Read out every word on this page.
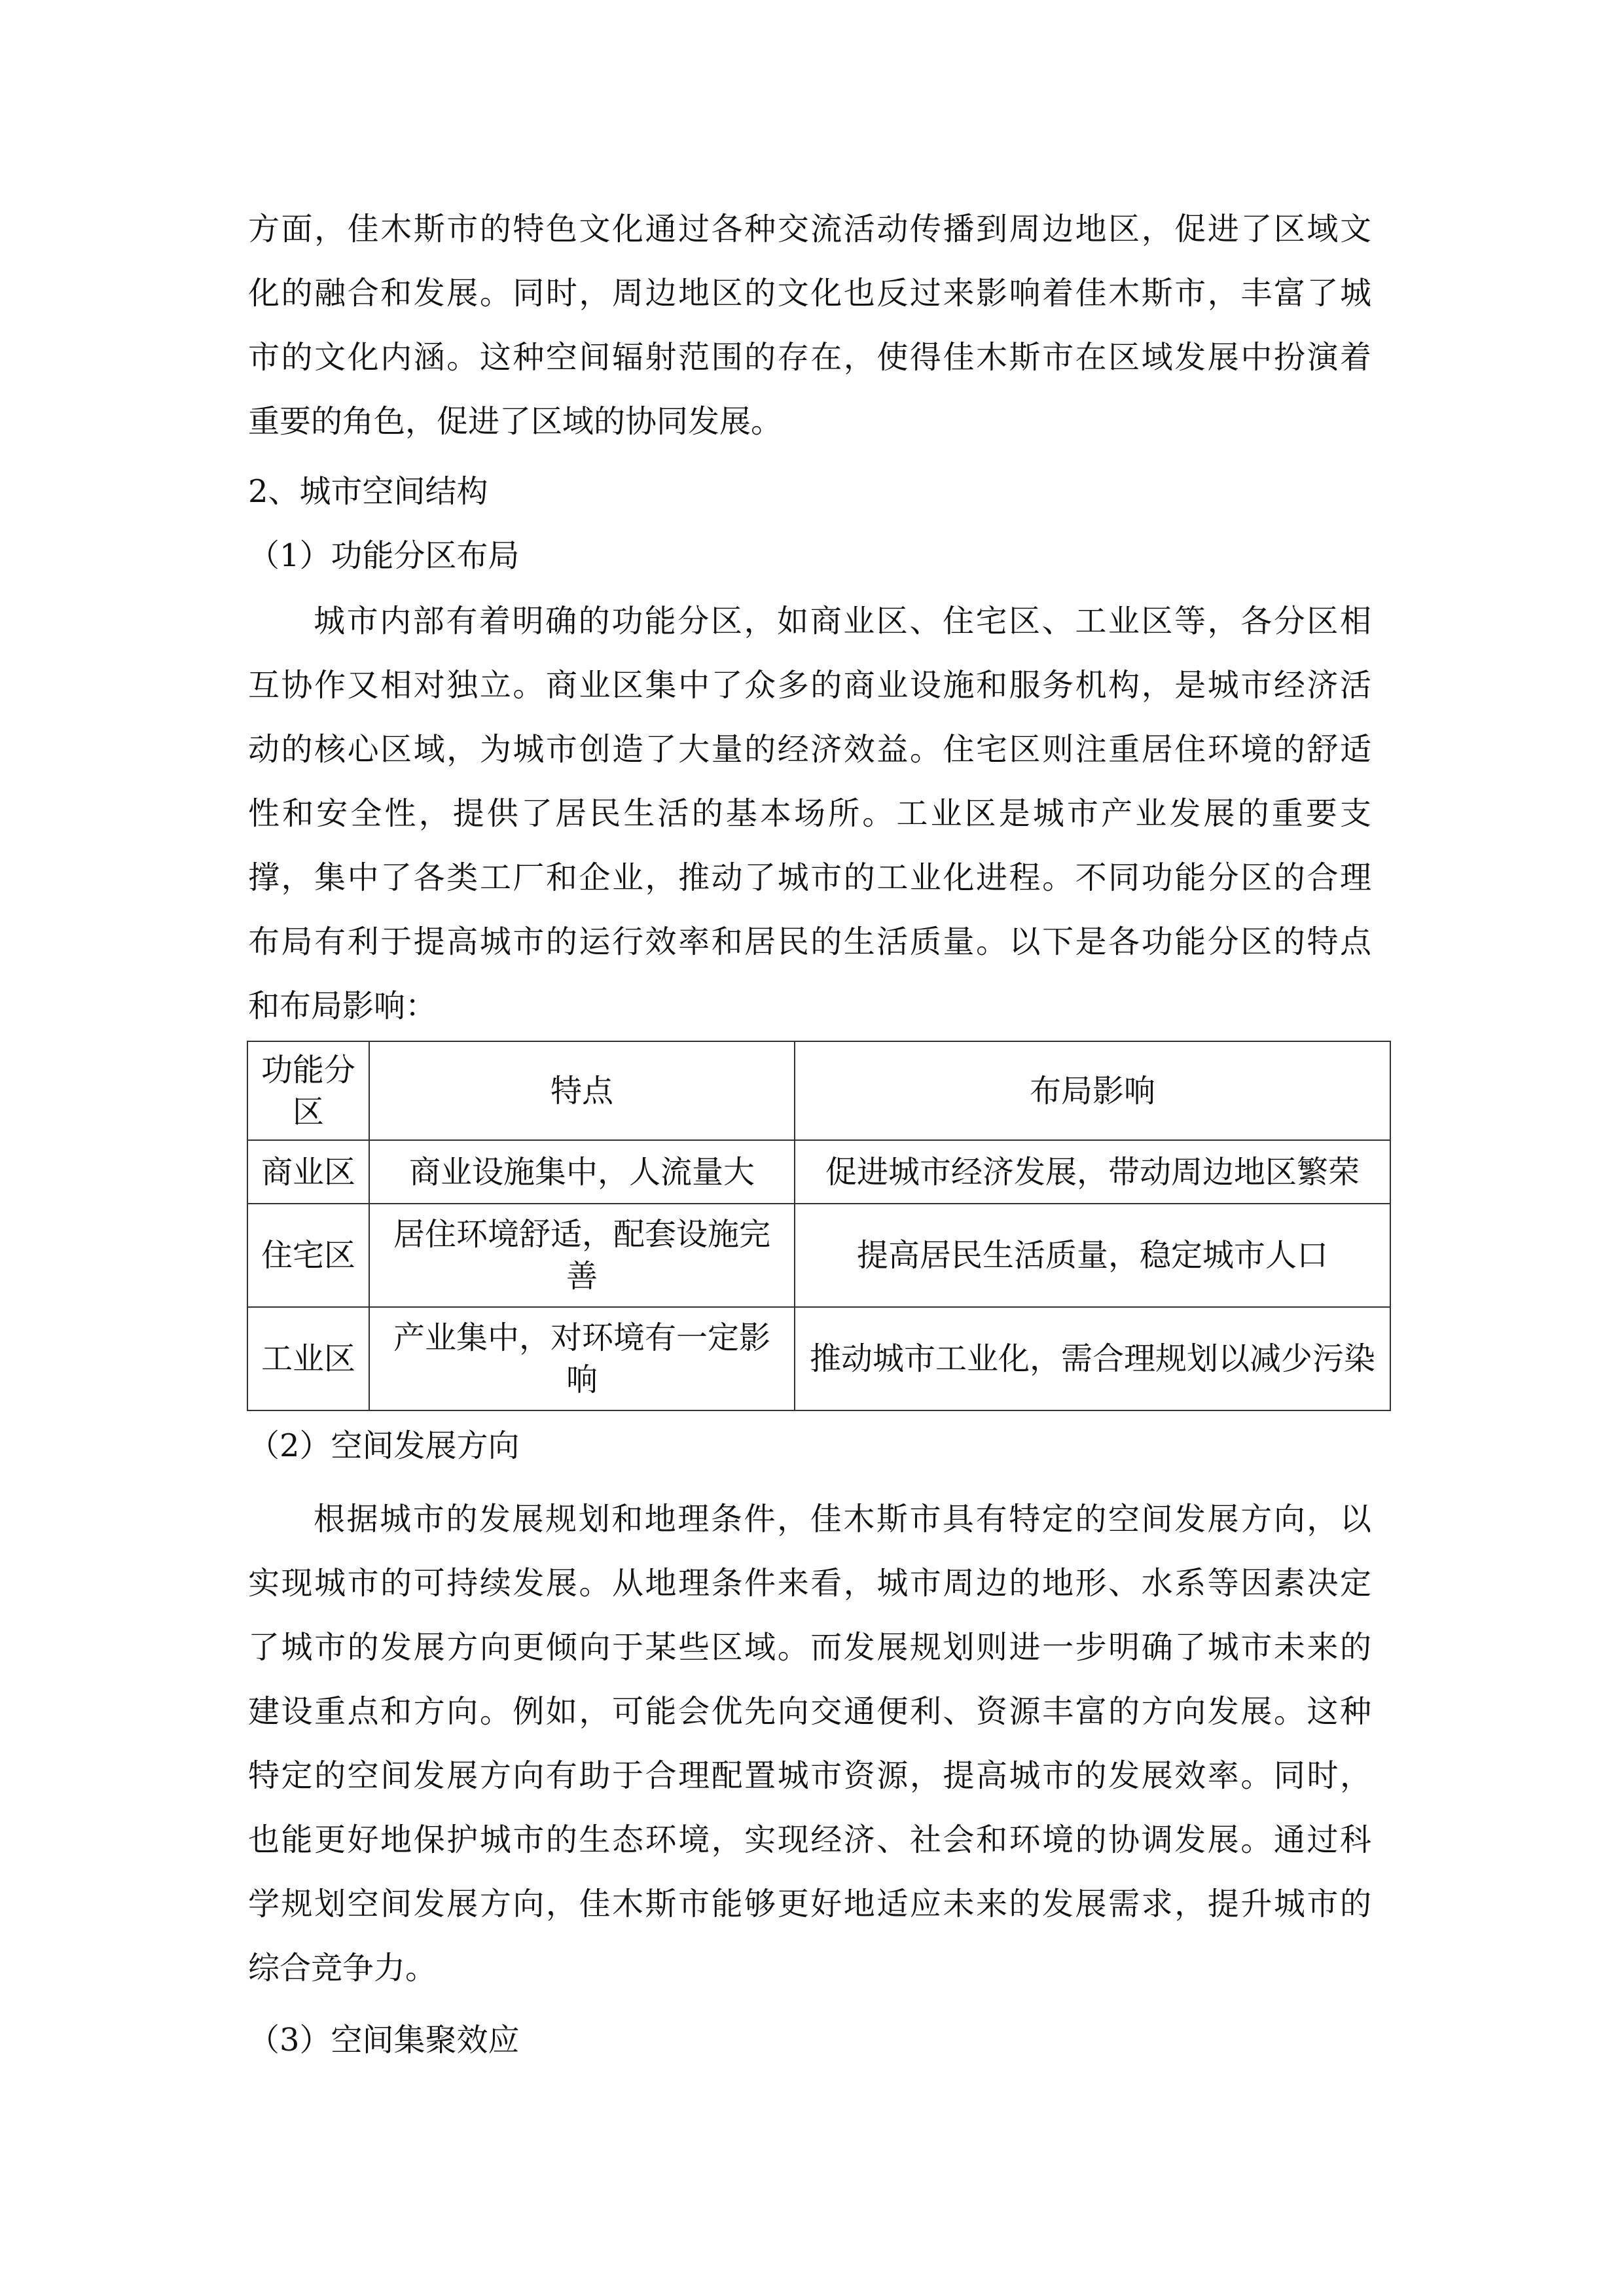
方面，佳木斯市的特色文化通过各种交流活动传播到周边地区，促进了区域文
化的融合和发展。同时，周边地区的文化也反过来影响着佳木斯市，丰富了城
市的文化内涵。这种空间辐射范围的存在，使得佳木斯市在区域发展中扮演着
重要的角色，促进了区域的协同发展。
2、城市空间结构
（1）功能分区布局
城市内部有着明确的功能分区，如商业区、住宅区、工业区等，各分区相
互协作又相对独立。商业区集中了众多的商业设施和服务机构，是城市经济活
动的核心区域，为城市创造了大量的经济效益。住宅区则注重居住环境的舒适
性和安全性，提供了居民生活的基本场所。工业区是城市产业发展的重要支
撑，集中了各类工厂和企业，推动了城市的工业化进程。不同功能分区的合理
布局有利于提高城市的运行效率和居民的生活质量。以下是各功能分区的特点
和布局影响：
功能分区	特点	布局影响
商业区	商业设施集中，人流量大	促进城市经济发展，带动周边地区繁荣
住宅区	居住环境舒适，配套设施完善	提高居民生活质量，稳定城市人口
工业区	产业集中，对环境有一定影响	推动城市工业化，需合理规划以减少污染
（2）空间发展方向
根据城市的发展规划和地理条件，佳木斯市具有特定的空间发展方向，以
实现城市的可持续发展。从地理条件来看，城市周边的地形、水系等因素决定
了城市的发展方向更倾向于某些区域。而发展规划则进一步明确了城市未来的
建设重点和方向。例如，可能会优先向交通便利、资源丰富的方向发展。这种
特定的空间发展方向有助于合理配置城市资源，提高城市的发展效率。同时，
也能更好地保护城市的生态环境，实现经济、社会和环境的协调发展。通过科
学规划空间发展方向，佳木斯市能够更好地适应未来的发展需求，提升城市的
综合竞争力。
（3）空间集聚效应
